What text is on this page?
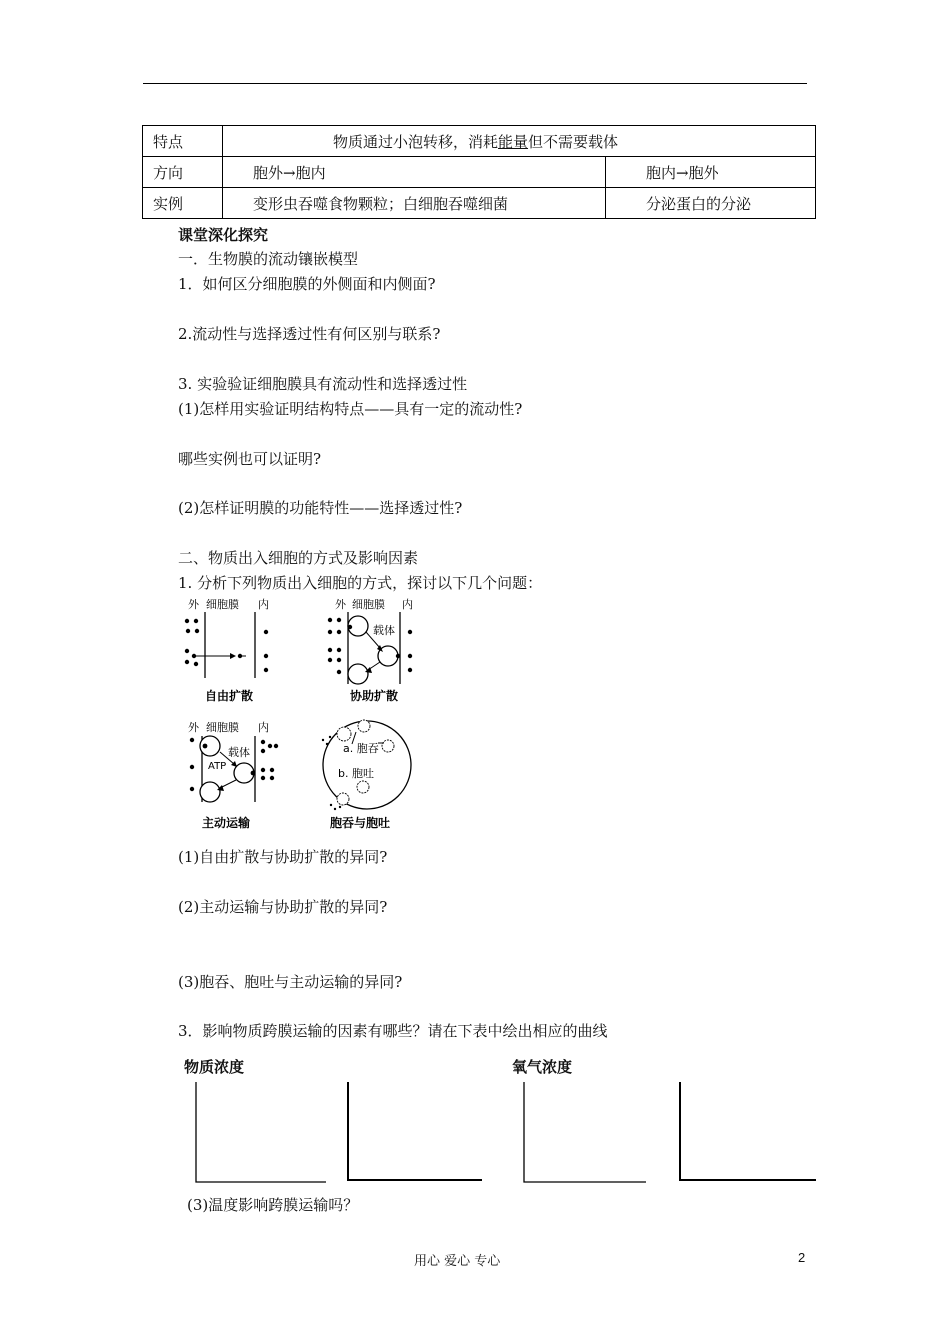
特点	物质通过小泡转移，消耗能量但不需要载体	
方向	胞外→胞内	胞内→胞外
实例	变形虫吞噬食物颗粒；白细胞吞噬细菌	分泌蛋白的分泌
课堂深化探究
一．生物膜的流动镶嵌模型
1．如何区分细胞膜的外侧面和内侧面?
2.流动性与选择透过性有何区别与联系?
3. 实验验证细胞膜具有流动性和选择透过性
(1)怎样用实验证明结构特点——具有一定的流动性?
哪些实例也可以证明?
(2)怎样证明膜的功能特性——选择透过性?
二、物质出入细胞的方式及影响因素
1. 分析下列物质出入细胞的方式，探讨以下几个问题：
外 细胞膜 内
自由扩散
外 细胞膜 内
载体
协助扩散
外 细胞膜 内
载体
ATP
主动运输
a. 胞吞
b. 胞吐
胞吞与胞吐
(1)自由扩散与协助扩散的异同?
(2)主动运输与协助扩散的异同?
(3)胞吞、胞吐与主动运输的异同?
3．影响物质跨膜运输的因素有哪些？请在下表中绘出相应的曲线
物质浓度	氧气浓度
(3)温度影响跨膜运输吗？
用心 爱心 专心	2
